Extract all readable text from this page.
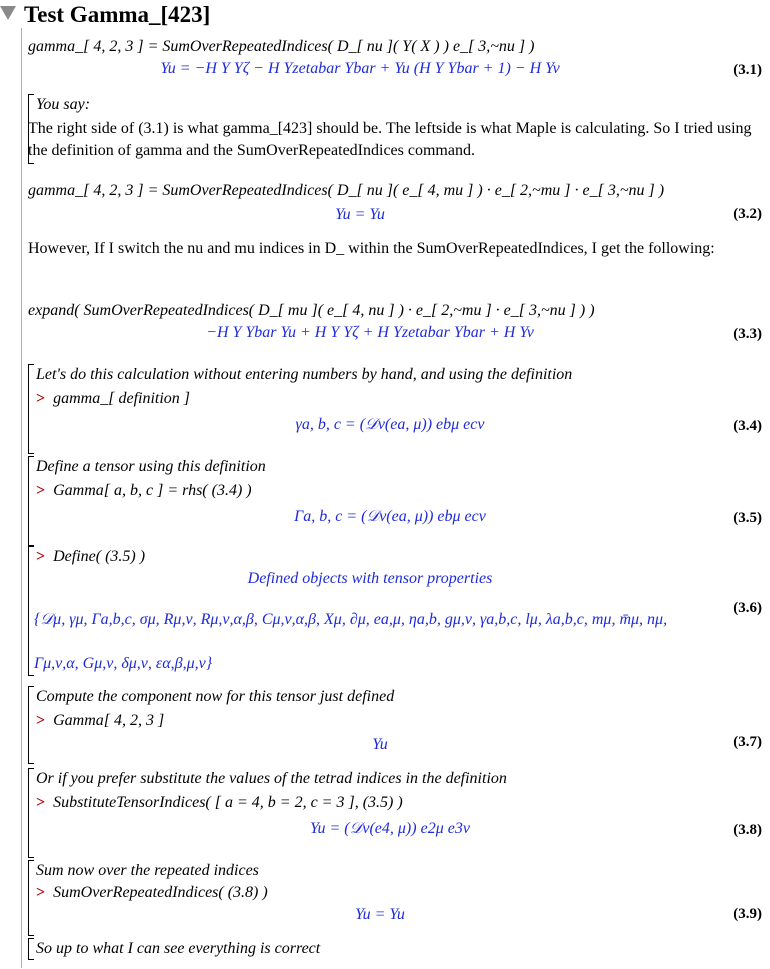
Test Gamma_[423]
gamma_[ 4, 2, 3 ] = SumOverRepeatedIndices( D_[ nu ]( Y( X ) ) e_[ 3,~nu ] )
Yu = −H Y Yζ − H Yzetabar Ybar + Yu (H Y Ybar + 1) − H Yv	(3.1)
You say:
The right side of (3.1) is what gamma_[423] should be. The leftside is what Maple is calculating. So I tried using the definition of gamma and the SumOverRepeatedIndices command.
gamma_[ 4, 2, 3 ] = SumOverRepeatedIndices( D_[ nu ]( e_[ 4, mu ] ) · e_[ 2,~mu ] · e_[ 3,~nu ] )
Yu = Yu	(3.2)
However, If I switch the nu and mu indices in D_ within the SumOverRepeatedIndices, I get the following:
expand( SumOverRepeatedIndices( D_[ mu ]( e_[ 4, nu ] ) · e_[ 2,~mu ] · e_[ 3,~nu ] ) )
−H Y Ybar Yu + H Y Yζ + H Yzetabar Ybar + H Yv	(3.3)
Let's do this calculation without entering numbers by hand, and using the definition
> gamma_[ definition ]
γa, b, c = (𝒟ν(ea, μ)) ebμ ecν	(3.4)
Define a tensor using this definition
> Gamma[ a, b, c ] = rhs( (3.4) )
Γa, b, c = (𝒟ν(ea, μ)) ebμ ecν	(3.5)
> Define( (3.5) )
Defined objects with tensor properties
{𝒟μ, γμ, Γa,b,c, σμ, Rμ,ν, Rμ,ν,α,β, Cμ,ν,α,β, Xμ, ∂μ, ea,μ, ηa,b, gμ,ν, γa,b,c, lμ, λa,b,c, mμ, m̄μ, nμ, Γμ,ν,α, Gμ,ν, δμ,ν, εα,β,μ,ν}
(3.6)
Compute the component now for this tensor just defined
> Gamma[ 4, 2, 3 ]
Yu	(3.7)
Or if you prefer substitute the values of the tetrad indices in the definition
> SubstituteTensorIndices( [ a = 4, b = 2, c = 3 ], (3.5) )
Yu = (𝒟ν(e4, μ)) e2μ e3ν	(3.8)
Sum now over the repeated indices
> SumOverRepeatedIndices( (3.8) )
Yu = Yu	(3.9)
So up to what I can see everything is correct
